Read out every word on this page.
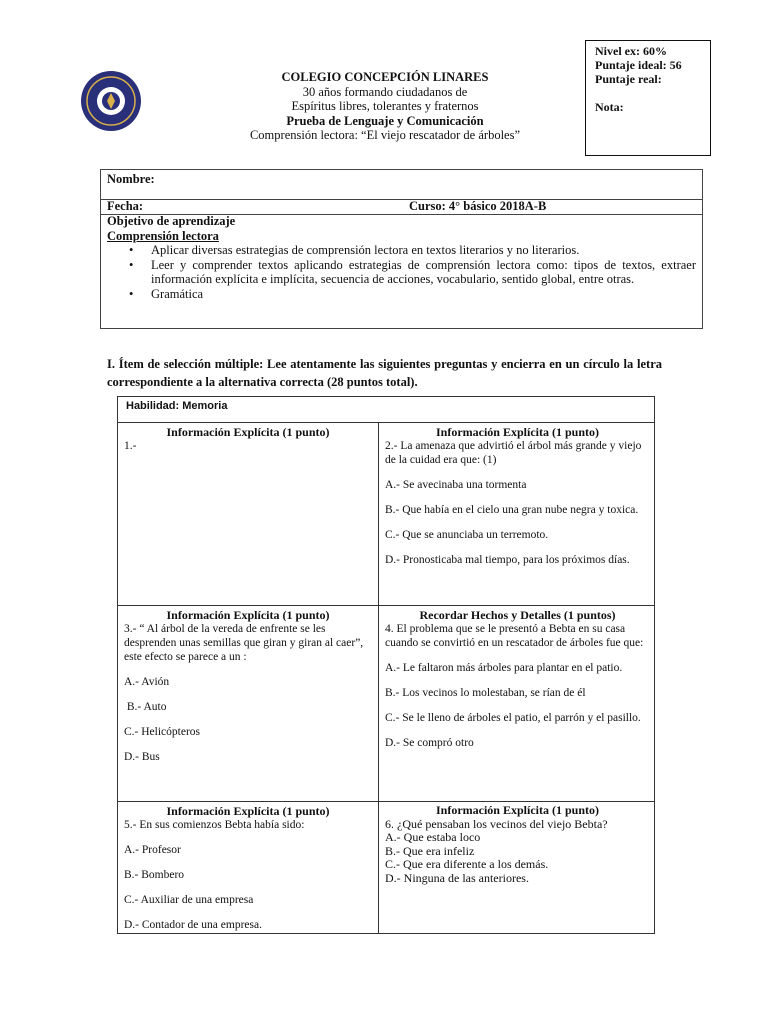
COLEGIO CONCEPCIÓN LINARES
30 años formando ciudadanos de
Espíritus libres, tolerantes y fraternos
Prueba de Lenguaje y Comunicación
Comprensión lectora: “El viejo rescatador de árboles”
Nivel ex: 60%
Puntaje ideal: 56
Puntaje real:
Nota:
Nombre:
Fecha:	Curso: 4° básico 2018A-B
Objetivo de aprendizaje
Comprensión lectora
• Aplicar diversas estrategias de comprensión lectora en textos literarios y no literarios.
• Leer y comprender textos aplicando estrategias de comprensión lectora como: tipos de textos, extraer información explícita e implícita, secuencia de acciones, vocabulario, sentido global, entre otras.
• Gramática
I. Ítem de selección múltiple: Lee atentamente las siguientes preguntas y encierra en un círculo la letra correspondiente a la alternativa correcta (28 puntos total).
Habilidad: Memoria
Información Explícita (1 punto)

1.-

Información Explícita (1 punto)

2.- La amenaza que advirtió el árbol más grande y viejo de la cuidad era que: (1)

A.- Se avecinaba una tormenta

B.- Que había en el cielo una gran nube negra y toxica.

C.- Que se anunciaba un terremoto.

D.- Pronosticaba mal tiempo, para los próximos días.

Información Explícita (1 punto)

3.- “ Al árbol de la vereda de enfrente se les desprenden unas semillas que giran y giran al caer”, este efecto se parece a un :

A.- Avión

B.- Auto

C.- Helicópteros

D.- Bus

Recordar Hechos y Detalles (1 puntos)

4. El problema que se le presentó a Bebta en su casa cuando se convirtió en un rescatador de árboles fue que:

A.- Le faltaron más árboles para plantar en el patio.

B.- Los vecinos lo molestaban, se rían de él

C.- Se le lleno de árboles el patio, el parrón y el pasillo.

D.- Se compró otro

Información Explícita (1 punto)

5.- En sus comienzos Bebta había sido:

A.- Profesor

B.- Bombero

C.- Auxiliar de una empresa

D.- Contador de una empresa.

Información Explícita (1 punto)

6. ¿Qué pensaban los vecinos del viejo Bebta?

A.- Que estaba loco

B.- Que era infeliz

C.- Que era diferente a los demás.

D.- Ninguna de las anteriores.
